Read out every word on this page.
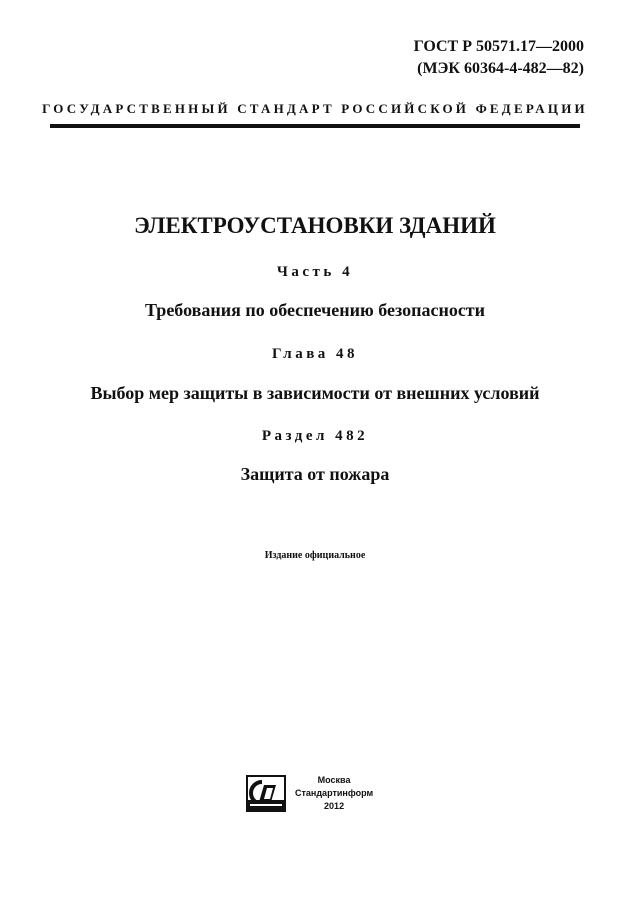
ГОСТ Р 50571.17—2000
(МЭК 60364-4-482—82)
ГОСУДАРСТВЕННЫЙ СТАНДАРТ РОССИЙСКОЙ ФЕДЕРАЦИИ
ЭЛЕКТРОУСТАНОВКИ ЗДАНИЙ
Часть 4
Требования по обеспечению безопасности
Глава 48
Выбор мер защиты в зависимости от внешних условий
Раздел 482
Защита от пожара
Издание официальное
Москва
Стандартинформ
2012
